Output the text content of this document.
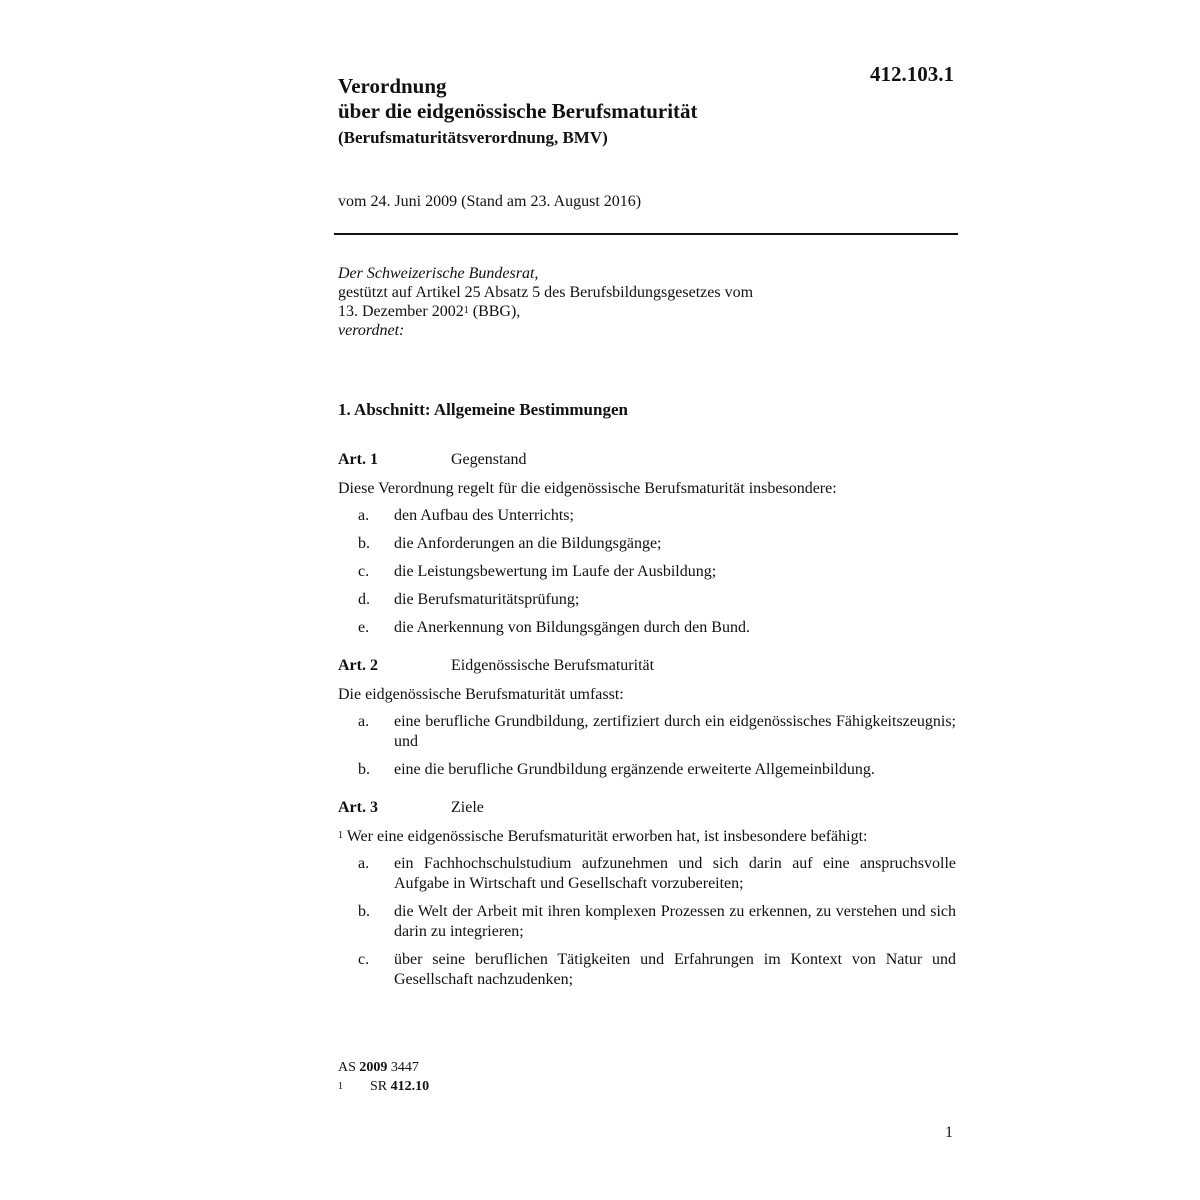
412.103.1

Verordnung

über die eidgenössische Berufsmaturität

(Berufsmaturitätsverordnung, BMV)

vom 24. Juni 2009 (Stand am 23. August 2016)

Der Schweizerische Bundesrat,

gestützt auf Artikel 25 Absatz 5 des Berufsbildungsgesetzes vom

13. Dezember 2002$^1$ (BBG),

verordnet:

1. Abschnitt: Allgemeine Bestimmungen

Art. 1	Gegenstand

Diese Verordnung regelt für die eidgenössische Berufsmaturität insbesondere:

a.	den Aufbau des Unterrichts;
b.	die Anforderungen an die Bildungsgänge;
c.	die Leistungsbewertung im Laufe der Ausbildung;
d.	die Berufsmaturitätsprüfung;
e.	die Anerkennung von Bildungsgängen durch den Bund.
Art. 2	Eidgenössische Berufsmaturität

Die eidgenössische Berufsmaturität umfasst:

a.	eine berufliche Grundbildung, zertifiziert durch ein eidgenössisches Fähigkeitszeugnis; und
b.	eine die berufliche Grundbildung ergänzende erweiterte Allgemeinbildung.
Art. 3	Ziele

$^1$ Wer eine eidgenössische Berufsmaturität erworben hat, ist insbesondere befähigt:

a.	ein Fachhochschulstudium aufzunehmen und sich darin auf eine anspruchsvolle Aufgabe in Wirtschaft und Gesellschaft vorzubereiten;
b.	die Welt der Arbeit mit ihren komplexen Prozessen zu erkennen, zu verstehen und sich darin zu integrieren;
c.	über seine beruflichen Tätigkeiten und Erfahrungen im Kontext von Natur und Gesellschaft nachzudenken;

AS 2009 3447

1 SR 412.10

1
